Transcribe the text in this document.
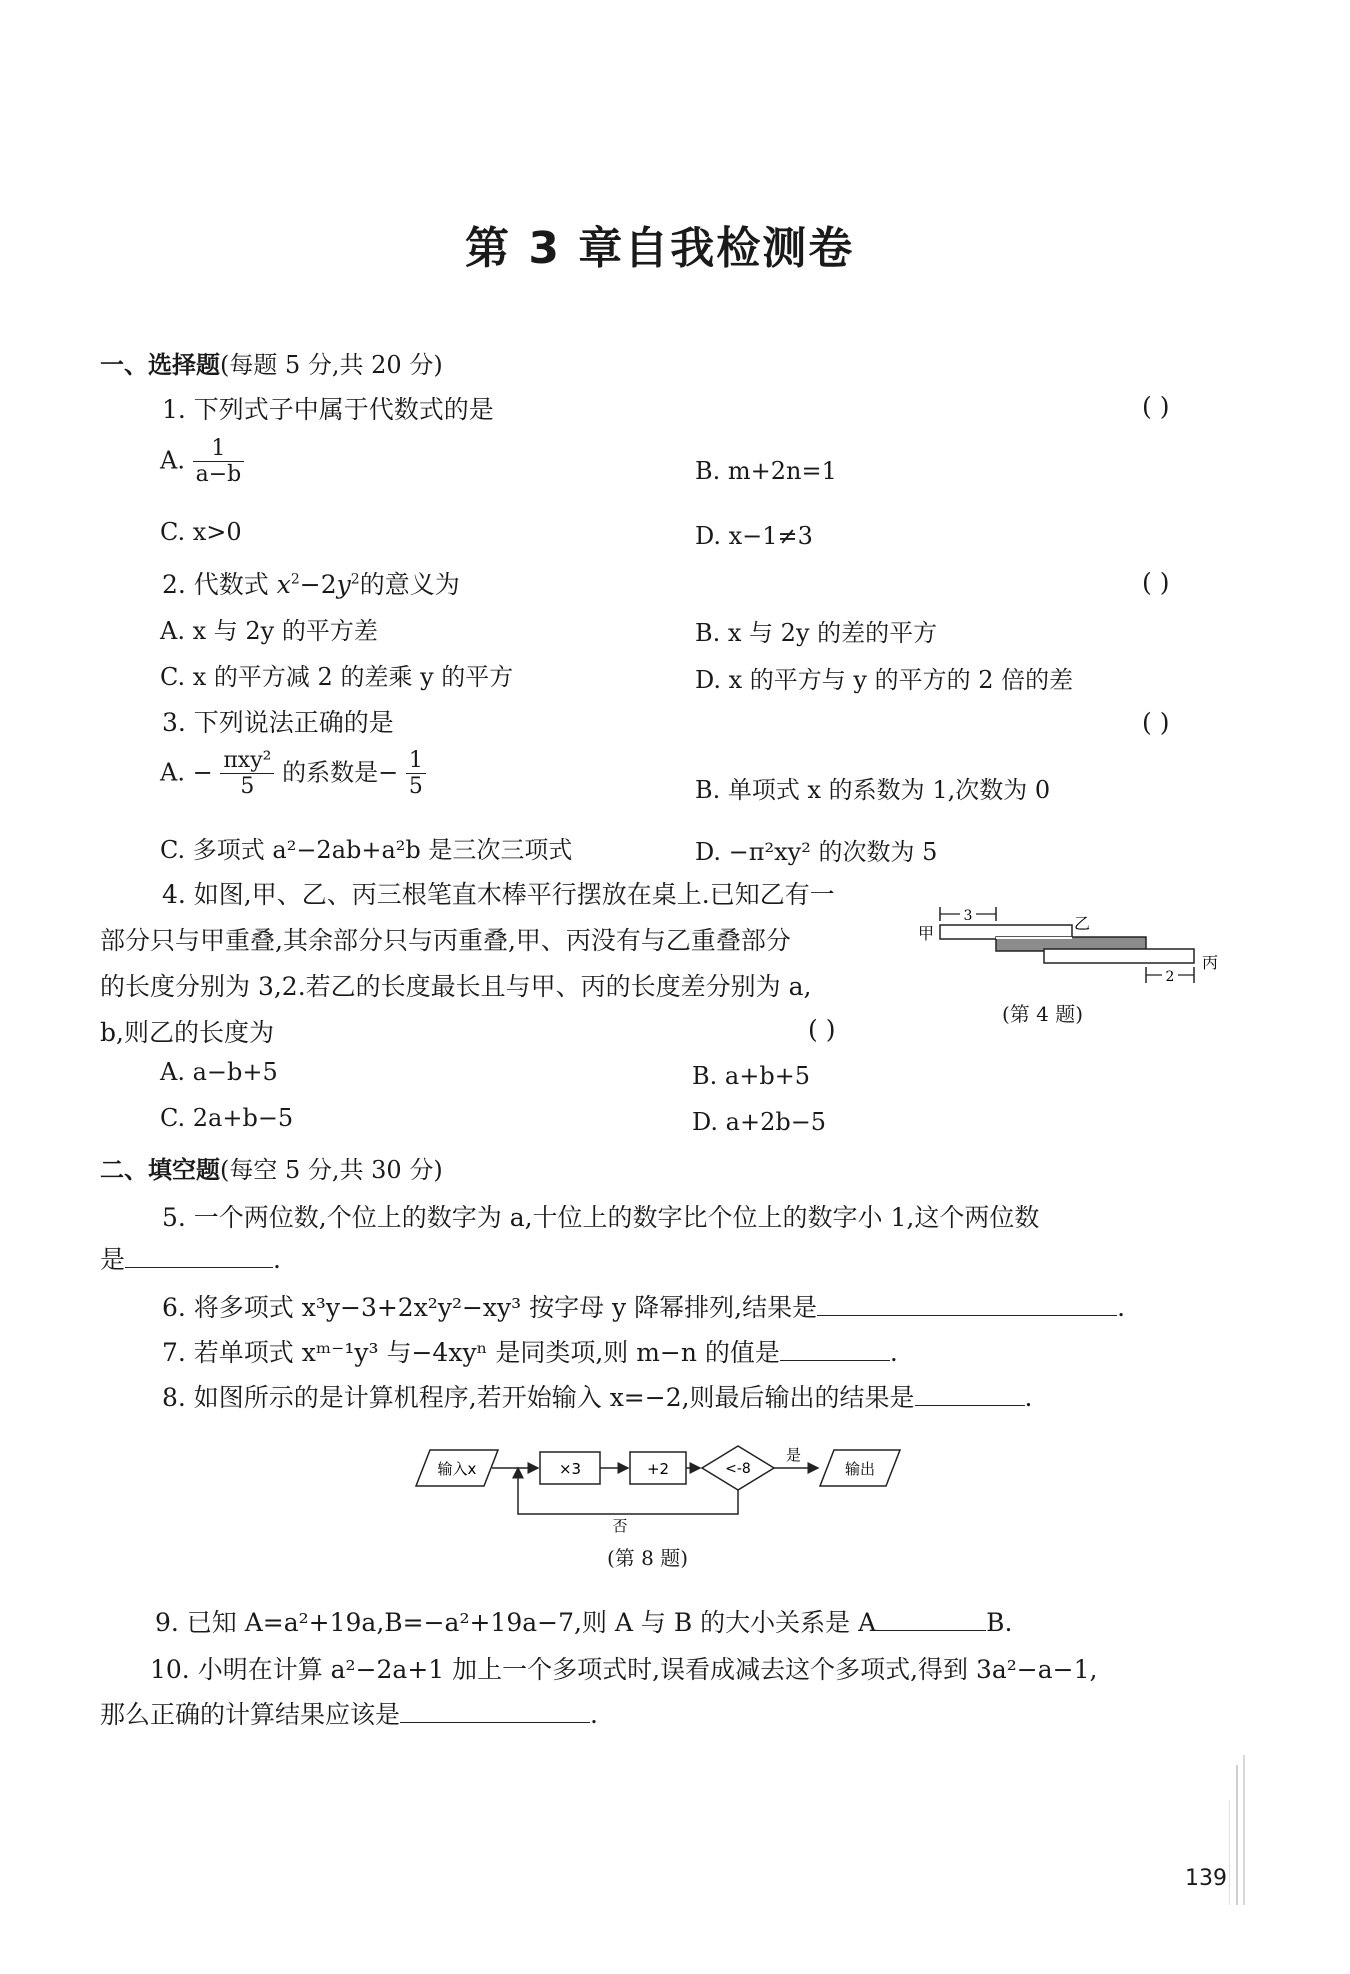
第 3 章自我检测卷
一、选择题(每题 5 分,共 20 分)
1. 下列式子中属于代数式的是	( )
A. $\frac{1}{a-b}$	B. m+2n=1
C. x>0	D. x−1≠3
2. 代数式 $x^2-2y^2$的意义为	( )
A. x 与 2y 的平方差	B. x 与 2y 的差的平方
C. x 的平方减 2 的差乘 y 的平方	D. x 的平方与 y 的平方的 2 倍的差
3. 下列说法正确的是	( )
A. − $\frac{\text{πxy²}}{5}$ 的系数是− $\frac{1}{5}$	B. 单项式 x 的系数为 1,次数为 0
C. 多项式 a²−2ab+a²b 是三次三项式	D. −π²xy² 的次数为 5
4. 如图,甲、乙、丙三根笔直木棒平行摆放在桌上.已知乙有一
部分只与甲重叠,其余部分只与丙重叠,甲、丙没有与乙重叠部分
的长度分别为 3,2.若乙的长度最长且与甲、丙的长度差分别为 a,
b,则乙的长度为	( )
A. a−b+5	B. a+b+5
C. 2a+b−5	D. a+2b−5
3
甲
乙
丙
2
(第 4 题)
二、填空题(每空 5 分,共 30 分)
5. 一个两位数,个位上的数字为 a,十位上的数字比个位上的数字小 1,这个两位数
是	.
6. 将多项式 x³y−3+2x²y²−xy³ 按字母 y 降幂排列,结果是	.
7. 若单项式 xᵐ⁻¹y³ 与−4xyⁿ 是同类项,则 m−n 的值是	.
8. 如图所示的是计算机程序,若开始输入 x=−2,则最后输出的结果是	.
输入x	×3	+2	<-8
是
输出
否
(第 8 题)
9. 已知 A=a²+19a,B=−a²+19a−7,则 A 与 B 的大小关系是 A	B.
10. 小明在计算 a²−2a+1 加上一个多项式时,误看成减去这个多项式,得到 3a²−a−1,
那么正确的计算结果应该是	.
139
